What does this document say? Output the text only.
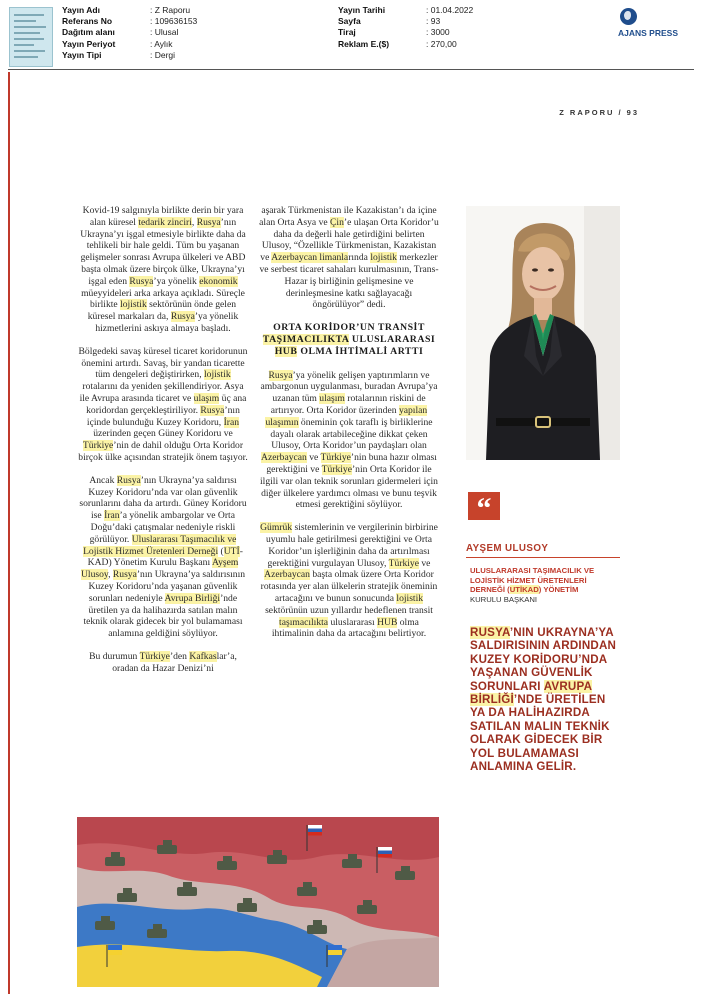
Yayın Adı	: Z Raporu
Referans No	: 109636153
Dağıtım alanı	: Ulusal
Yayın Periyot	: Aylık
Yayın Tipi	: Dergi
Yayın Tarihi	: 01.04.2022
Sayfa	: 93
Tiraj	: 3000
Reklam E.($)	: 270,00
AJANS PRESS
Z RAPORU / 93

Kovid-19 salgınıyla birlikte derin bir yara alan küresel tedarik zinciri, Rusya’nın Ukrayna’yı işgal etmesiyle birlikte daha da tehlikeli bir hale geldi. Tüm bu yaşanan gelişmeler sonrası Avrupa ülkeleri ve ABD başta olmak üzere birçok ülke, Ukrayna’yı işgal eden Rusya’ya yönelik ekonomik müeyyideleri arka arkaya açıkladı. Süreçle birlikte lojistik sektörünün önde gelen küresel markaları da, Rusya’ya yönelik hizmetlerini askıya almaya başladı.

Bölgedeki savaş küresel ticaret koridorunun önemini artırdı. Savaş, bir yandan ticarette tüm dengeleri değiştirirken, lojistik rotalarını da yeniden şekillendiriyor. Asya ile Avrupa arasında ticaret ve ulaşım üç ana koridordan gerçekleştiriliyor. Rusya’nın içinde bulunduğu Kuzey Koridoru, İran üzerinden geçen Güney Koridoru ve Türkiye’nin de dahil olduğu Orta Koridor birçok ülke açısından stratejik önem taşıyor.

Ancak Rusya’nın Ukrayna’ya saldırısı Kuzey Koridoru’nda var olan güvenlik sorunlarını daha da artırdı. Güney Koridoru ise İran’a yönelik ambargolar ve Orta Doğu’daki çatışmalar nedeniyle riskli görülüyor. Uluslararası Taşımacılık ve Lojistik Hizmet Üretenleri Derneği (UTİ-KAD) Yönetim Kurulu Başkanı Ayşem Ulusoy, Rusya’nın Ukrayna’ya saldırısının Kuzey Koridoru’nda yaşanan güvenlik sorunları nedeniyle Avrupa Birliği’nde üretilen ya da halihazırda satılan malın teknik olarak gidecek bir yol bulamaması anlamına geldiğini söylüyor.

Bu durumun Türkiye’den Kafkaslar’a, oradan da Hazar Denizi’ni

aşarak Türkmenistan ile Kazakistan’ı da içine alan Orta Asya ve Çin’e ulaşan Orta Koridor’u daha da değerli hale getirdiğini belirten Ulusoy, “Özellikle Türkmenistan, Kazakistan ve Azerbaycan limanlarında lojistik merkezler ve serbest ticaret sahaları kurulmasının, Trans-Hazar iş birliğinin gelişmesine ve derinleşmesine katkı sağlayacağı öngörülüyor” dedi.

ORTA KORİDOR’UN TRANSİT TAŞIMACILIKTA ULUSLARARASI HUB OLMA İHTİMALİ ARTTI

Rusya’ya yönelik gelişen yaptırımların ve ambargonun uygulanması, buradan Avrupa’ya uzanan tüm ulaşım rotalarının riskini de artırıyor. Orta Koridor üzerinden yapılan ulaşımın öneminin çok taraflı iş birliklerine dayalı olarak artabileceğine dikkat çeken Ulusoy, Orta Koridor’un paydaşları olan Azerbaycan ve Türkiye’nin buna hazır olması gerektiğini ve Türkiye’nin Orta Koridor ile ilgili var olan teknik sorunları gidermeleri için diğer ülkelere yardımcı olması ve bunu teşvik etmesi gerektiğini söylüyor.

Gümrük sistemlerinin ve vergilerinin birbirine uyumlu hale getirilmesi gerektiğini ve Orta Koridor’un işlerliğinin daha da artırılması gerektiğini vurgulayan Ulusoy, Türkiye ve Azerbaycan başta olmak üzere Orta Koridor rotasında yer alan ülkelerin stratejik öneminin artacağını ve bunun sonucunda lojistik sektörünün uzun yıllardır hedeflenen transit taşımacılıkta uluslararası HUB olma ihtimalinin daha da artacağını belirtiyor.

“
AYŞEM ULUSOY
ULUSLARARASI TAŞIMACILIK VE LOJİSTİK HİZMET ÜRETENLERİ DERNEĞİ (UTİKAD) YÖNETİM
KURULU BAŞKANI
RUSYA’NIN UKRAYNA’YA SALDIRISININ ARDINDAN KUZEY KORİDORU’NDA YAŞANAN GÜVENLİK SORUNLARI AVRUPA BİRLİĞİ’NDE ÜRETİLEN YA DA HALİHAZIRDA SATILAN MALIN TEKNİK OLARAK GİDECEK BİR YOL BULAMAMASI ANLAMINA GELİR.
